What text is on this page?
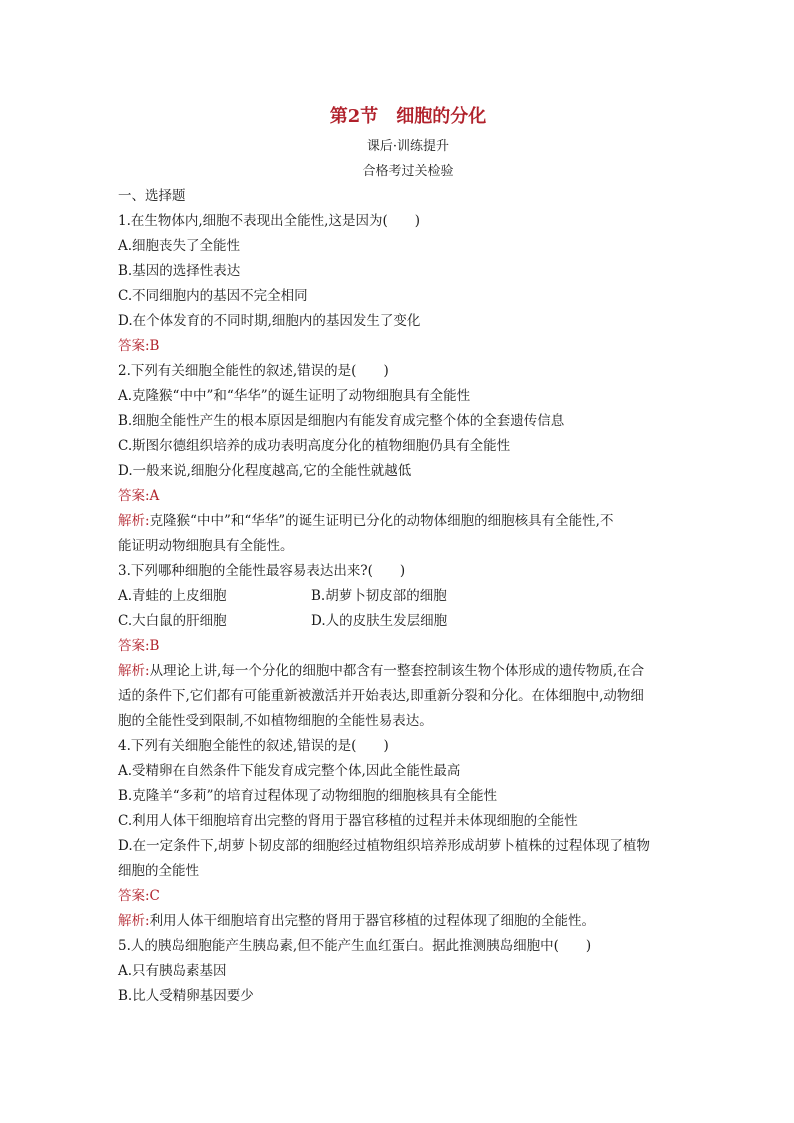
第2节　细胞的分化
课后·训练提升
合格考过关检验
一、选择题
1.在生物体内,细胞不表现出全能性,这是因为(　　)
A.细胞丧失了全能性
B.基因的选择性表达
C.不同细胞内的基因不完全相同
D.在个体发育的不同时期,细胞内的基因发生了变化
答案:B
2.下列有关细胞全能性的叙述,错误的是(　　)
A.克隆猴“中中”和“华华”的诞生证明了动物细胞具有全能性
B.细胞全能性产生的根本原因是细胞内有能发育成完整个体的全套遗传信息
C.斯图尔德组织培养的成功表明高度分化的植物细胞仍具有全能性
D.一般来说,细胞分化程度越高,它的全能性就越低
答案:A
解析:克隆猴“中中”和“华华”的诞生证明已分化的动物体细胞的细胞核具有全能性,不
能证明动物细胞具有全能性。
3.下列哪种细胞的全能性最容易表达出来?(　　)
A.青蛙的上皮细胞	B.胡萝卜韧皮部的细胞
C.大白鼠的肝细胞	D.人的皮肤生发层细胞
答案:B
解析:从理论上讲,每一个分化的细胞中都含有一整套控制该生物个体形成的遗传物质,在合
适的条件下,它们都有可能重新被激活并开始表达,即重新分裂和分化。在体细胞中,动物细
胞的全能性受到限制,不如植物细胞的全能性易表达。
4.下列有关细胞全能性的叙述,错误的是(　　)
A.受精卵在自然条件下能发育成完整个体,因此全能性最高
B.克隆羊“多莉”的培育过程体现了动物细胞的细胞核具有全能性
C.利用人体干细胞培育出完整的肾用于器官移植的过程并未体现细胞的全能性
D.在一定条件下,胡萝卜韧皮部的细胞经过植物组织培养形成胡萝卜植株的过程体现了植物
细胞的全能性
答案:C
解析:利用人体干细胞培育出完整的肾用于器官移植的过程体现了细胞的全能性。
5.人的胰岛细胞能产生胰岛素,但不能产生血红蛋白。据此推测胰岛细胞中(　　)
A.只有胰岛素基因
B.比人受精卵基因要少
